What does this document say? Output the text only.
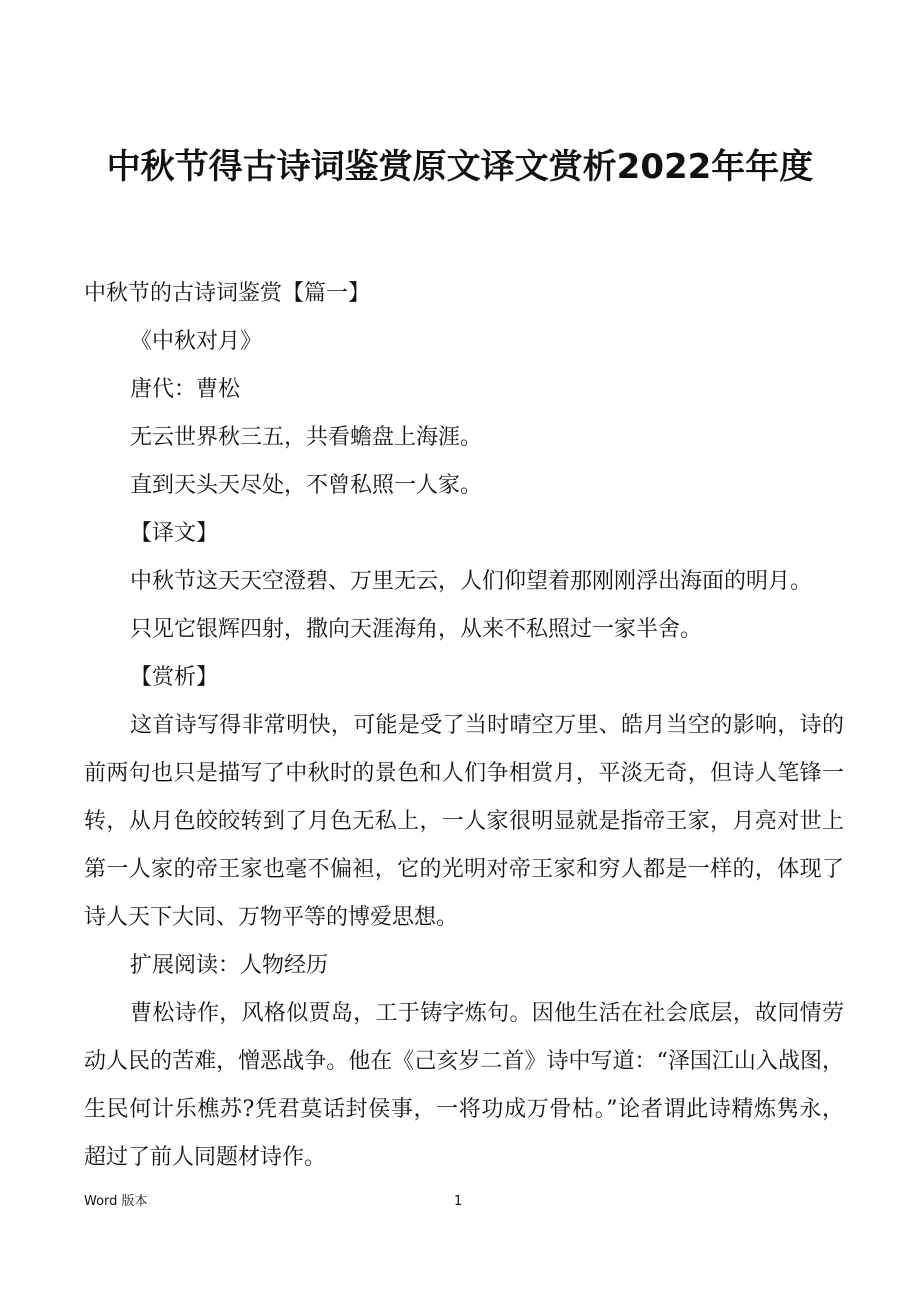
中秋节得古诗词鉴赏原文译文赏析2022年年度

中秋节的古诗词鉴赏【篇一】

《中秋对月》

唐代：曹松

无云世界秋三五，共看蟾盘上海涯。

直到天头天尽处，不曾私照一人家。

【译文】

中秋节这天天空澄碧、万里无云，人们仰望着那刚刚浮出海面的明月。

只见它银辉四射，撒向天涯海角，从来不私照过一家半舍。

【赏析】

这首诗写得非常明快，可能是受了当时晴空万里、皓月当空的影响，诗的前两句也只是描写了中秋时的景色和人们争相赏月，平淡无奇，但诗人笔锋一转，从月色皎皎转到了月色无私上，一人家很明显就是指帝王家，月亮对世上第一人家的帝王家也毫不偏袒，它的光明对帝王家和穷人都是一样的，体现了诗人天下大同、万物平等的博爱思想。

扩展阅读：人物经历

曹松诗作，风格似贾岛，工于铸字炼句。因他生活在社会底层，故同情劳动人民的苦难，憎恶战争。他在《己亥岁二首》诗中写道：“泽国江山入战图，生民何计乐樵苏?凭君莫话封侯事，一将功成万骨枯。”论者谓此诗精炼隽永，超过了前人同题材诗作。

Word 版本	1
